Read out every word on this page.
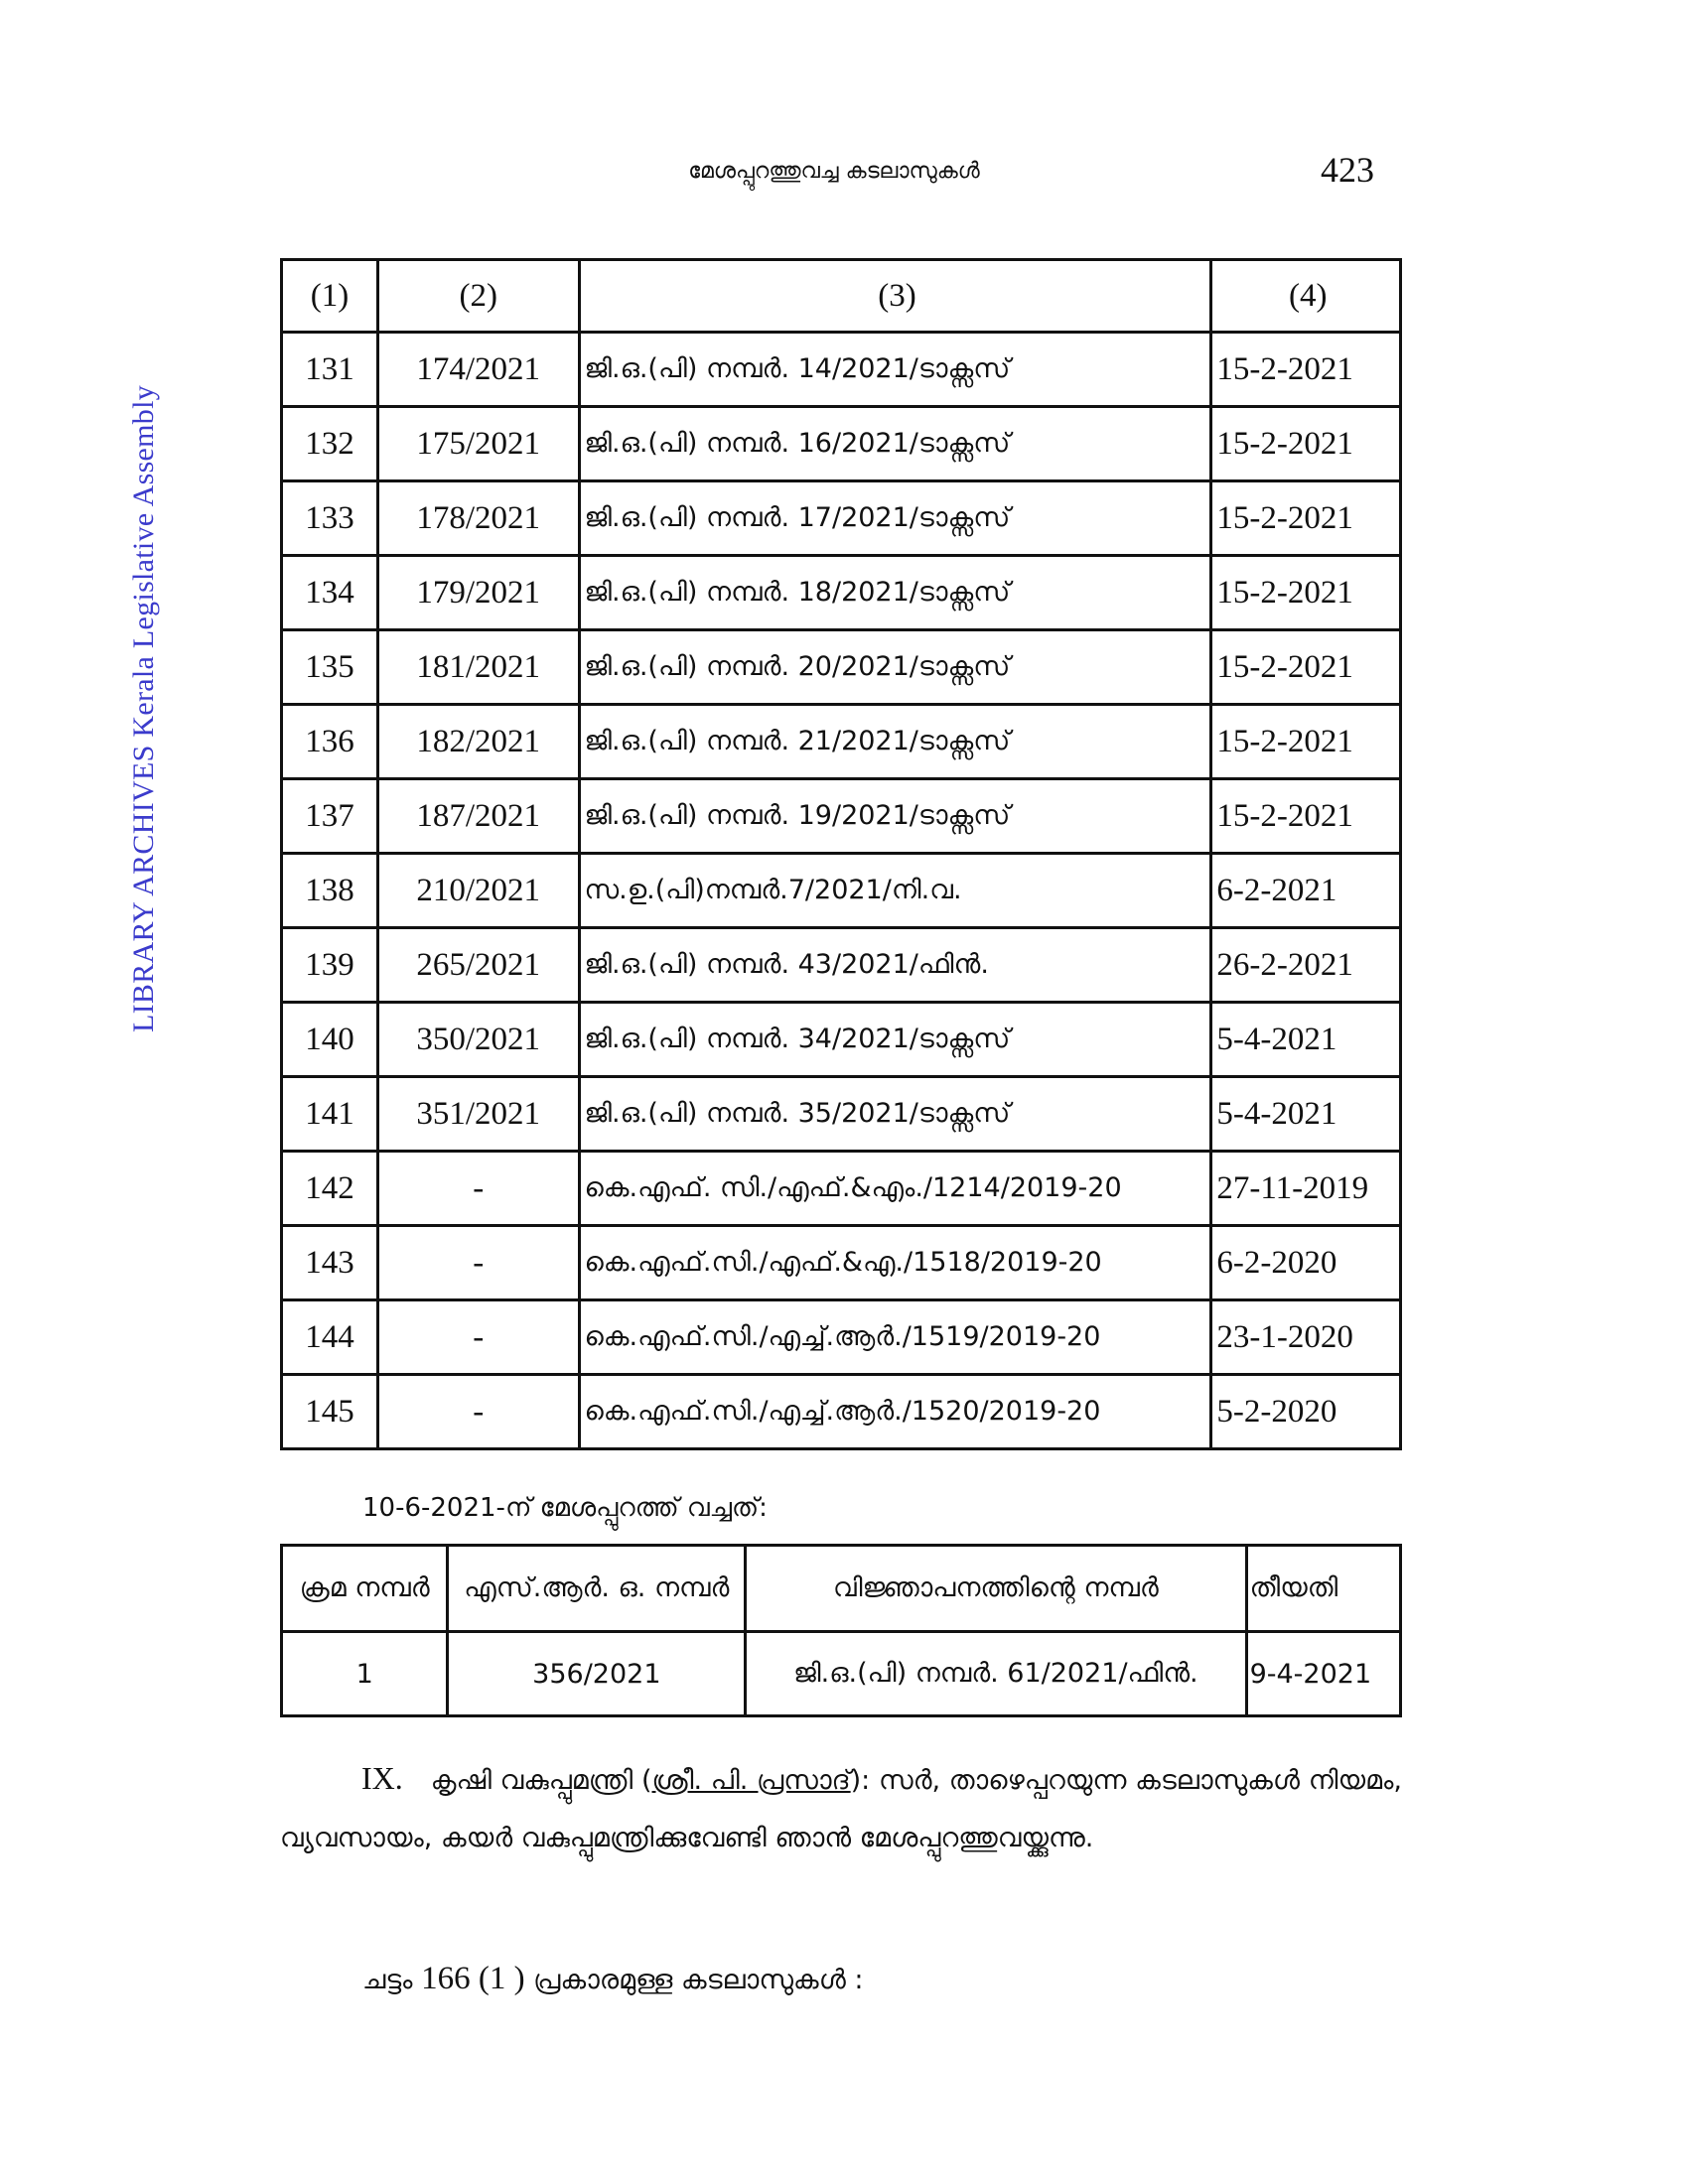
മേശപ്പുറത്തുവച്ച കടലാസുകൾ	423
LIBRARY ARCHIVES Kerala Legislative Assembly
(1)	(2)	(3)	(4)
131	174/2021	ജി.ഒ.(പി) നമ്പർ. 14/2021/ടാക്സസ്	15-2-2021
132	175/2021	ജി.ഒ.(പി) നമ്പർ. 16/2021/ടാക്സസ്	15-2-2021
133	178/2021	ജി.ഒ.(പി) നമ്പർ. 17/2021/ടാക്സസ്	15-2-2021
134	179/2021	ജി.ഒ.(പി) നമ്പർ. 18/2021/ടാക്സസ്	15-2-2021
135	181/2021	ജി.ഒ.(പി) നമ്പർ. 20/2021/ടാക്സസ്	15-2-2021
136	182/2021	ജി.ഒ.(പി) നമ്പർ. 21/2021/ടാക്സസ്	15-2-2021
137	187/2021	ജി.ഒ.(പി) നമ്പർ. 19/2021/ടാക്സസ്	15-2-2021
138	210/2021	സ.ഉ.(പി)നമ്പർ.7/2021/നി.വ.	6-2-2021
139	265/2021	ജി.ഒ.(പി) നമ്പർ. 43/2021/ഫിൻ.	26-2-2021
140	350/2021	ജി.ഒ.(പി) നമ്പർ. 34/2021/ടാക്സസ്	5-4-2021
141	351/2021	ജി.ഒ.(പി) നമ്പർ. 35/2021/ടാക്സസ്	5-4-2021
142	-	കെ.എഫ്. സി./എഫ്.&എം./1214/2019-20	27-11-2019
143	-	കെ.എഫ്.സി./എഫ്.&എ./1518/2019-20	6-2-2020
144	-	കെ.എഫ്.സി./എച്ച്.ആർ./1519/2019-20	23-1-2020
145	-	കെ.എഫ്.സി./എച്ച്.ആർ./1520/2019-20	5-2-2020
10-6-2021-ന് മേശപ്പുറത്ത് വച്ചത്:
ക്രമ നമ്പർ	എസ്.ആർ. ഒ. നമ്പർ	വിജ്ഞാപനത്തിന്റെ നമ്പർ	തീയതി
1	356/2021	ജി.ഒ.(പി) നമ്പർ. 61/2021/ഫിൻ.	9-4-2021
IX. കൃഷി വകുപ്പുമന്ത്രി (ശ്രീ. പി. പ്രസാദ്): സർ, താഴെപ്പറയുന്ന കടലാസുകൾ നിയമം, വ്യവസായം, കയർ വകുപ്പുമന്ത്രിക്കുവേണ്ടി ഞാൻ മേശപ്പുറത്തുവയ്ക്കുന്നു.
ചട്ടം 166 (1 ) പ്രകാരമുള്ള കടലാസുകൾ :
